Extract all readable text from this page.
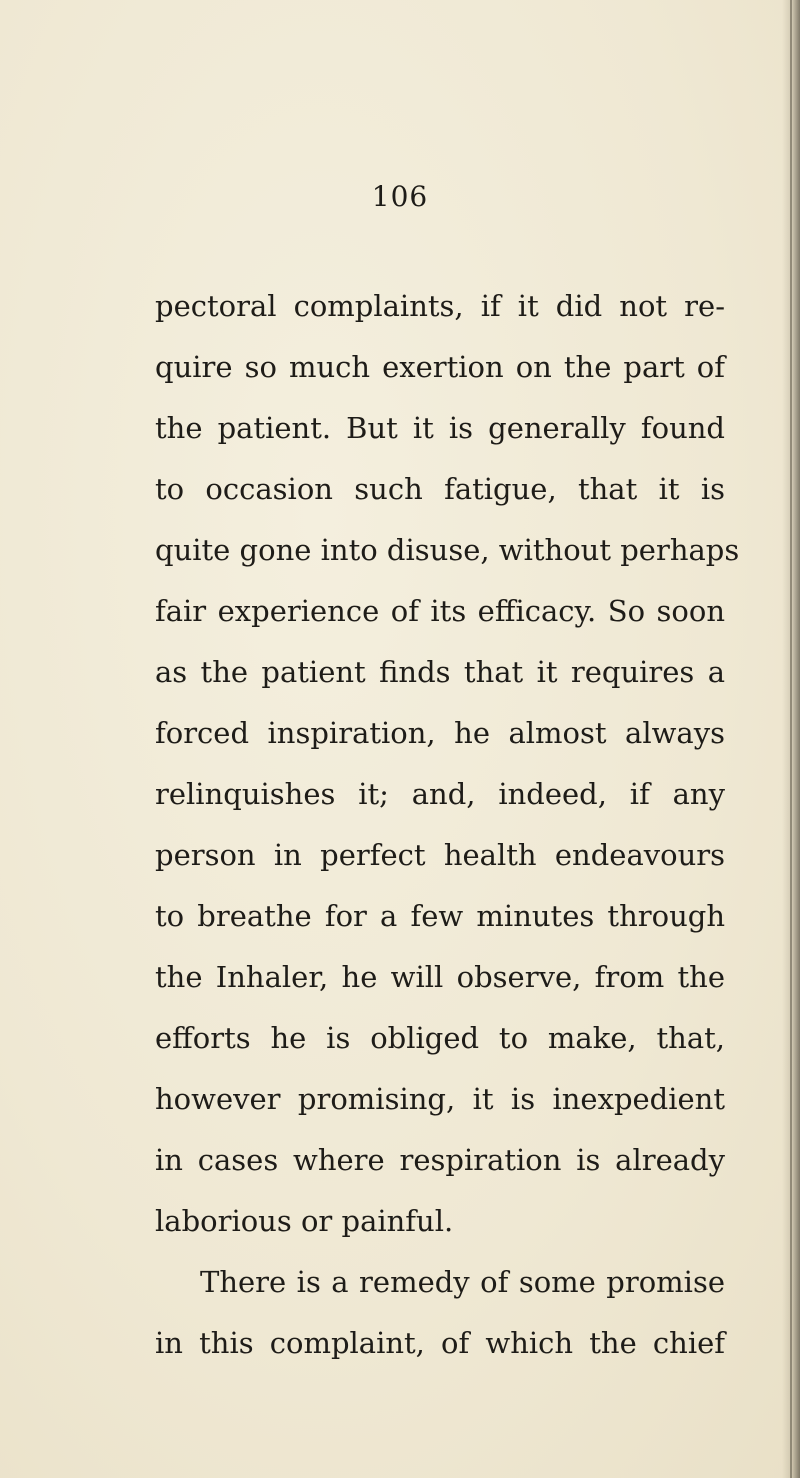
106
pectoral complaints, if it did not re-
quire so much exertion on the part of
the patient. But it is generally found
to occasion such fatigue, that it is
quite gone into disuse, without perhaps
fair experience of its efficacy. So soon
as the patient finds that it requires a
forced inspiration, he almost always
relinquishes it; and, indeed, if any
person in perfect health endeavours
to breathe for a few minutes through
the Inhaler, he will observe, from the
efforts he is obliged to make, that,
however promising, it is inexpedient
in cases where respiration is already
laborious or painful.
There is a remedy of some promise
in this complaint, of which the chief
